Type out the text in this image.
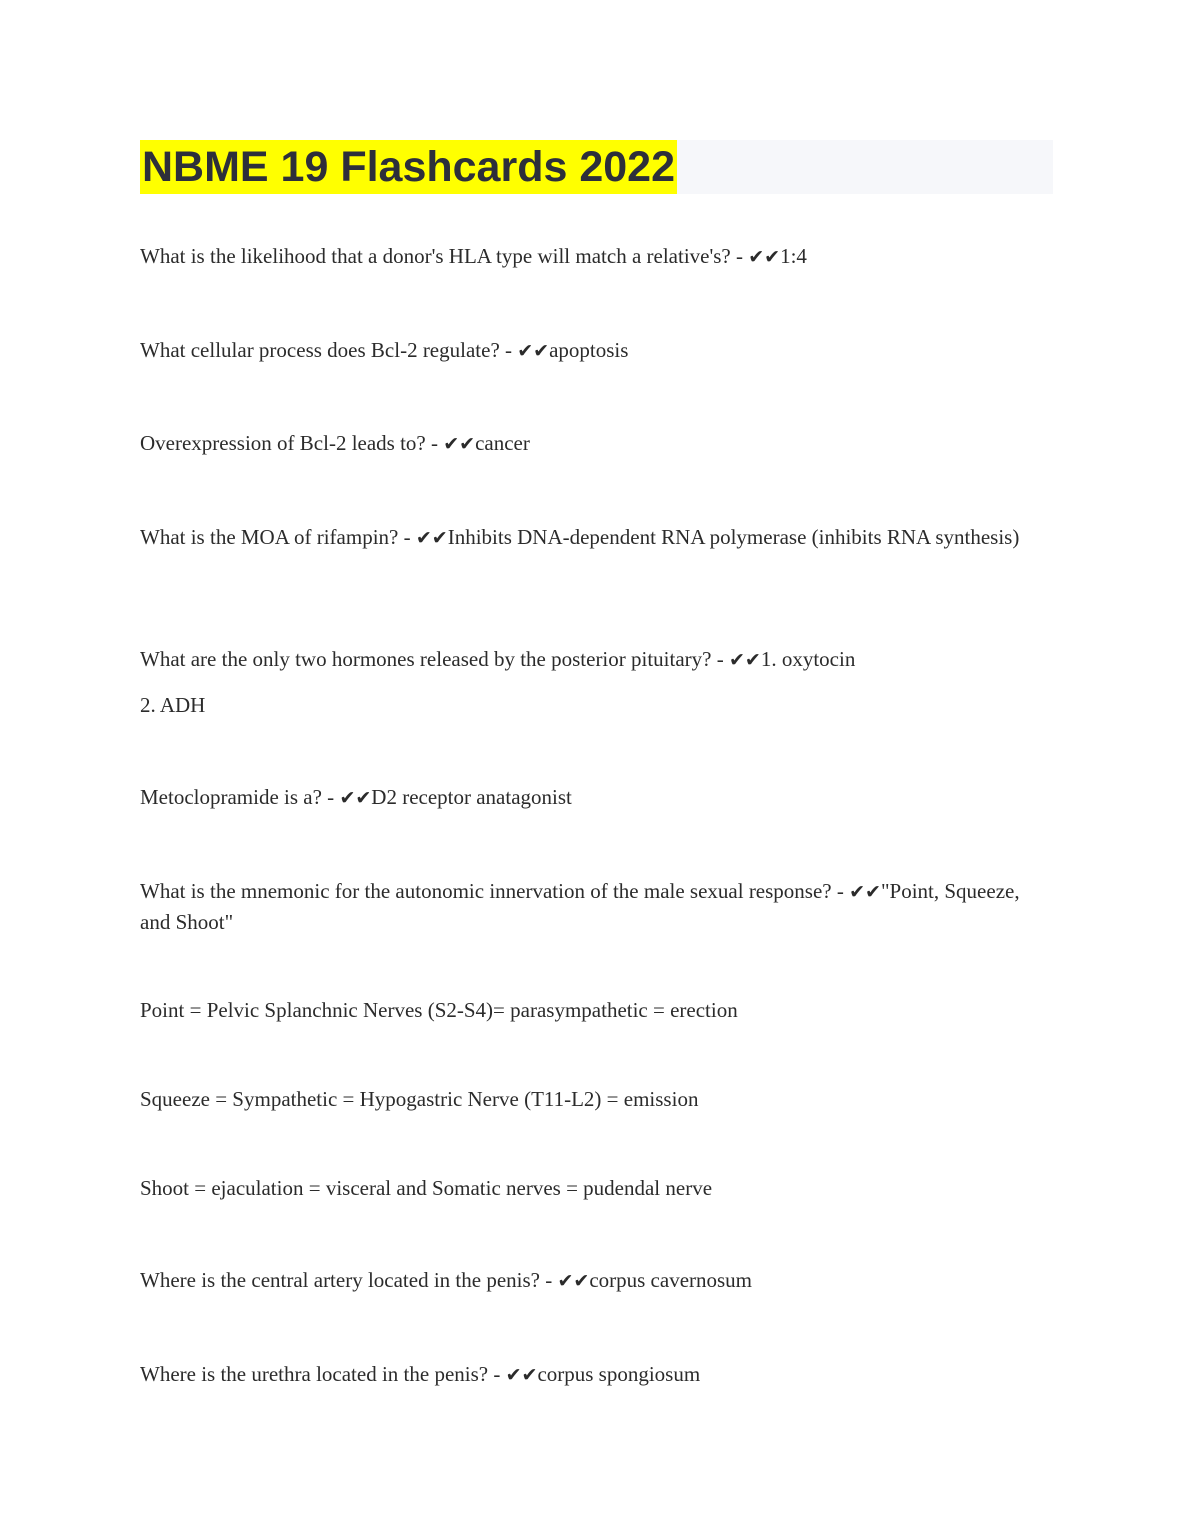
NBME 19 Flashcards 2022

What is the likelihood that a donor's HLA type will match a relative's? - ✔✔1:4

What cellular process does Bcl-2 regulate? - ✔✔apoptosis

Overexpression of Bcl-2 leads to? - ✔✔cancer

What is the MOA of rifampin? - ✔✔Inhibits DNA-dependent RNA polymerase (inhibits RNA synthesis)

What are the only two hormones released by the posterior pituitary? - ✔✔1. oxytocin

2. ADH

Metoclopramide is a? - ✔✔D2 receptor anatagonist

What is the mnemonic for the autonomic innervation of the male sexual response? - ✔✔"Point, Squeeze, and Shoot"

Point = Pelvic Splanchnic Nerves (S2-S4)= parasympathetic = erection

Squeeze = Sympathetic = Hypogastric Nerve (T11-L2) = emission

Shoot = ejaculation = visceral and Somatic nerves = pudendal nerve

Where is the central artery located in the penis? - ✔✔corpus cavernosum

Where is the urethra located in the penis? - ✔✔corpus spongiosum
